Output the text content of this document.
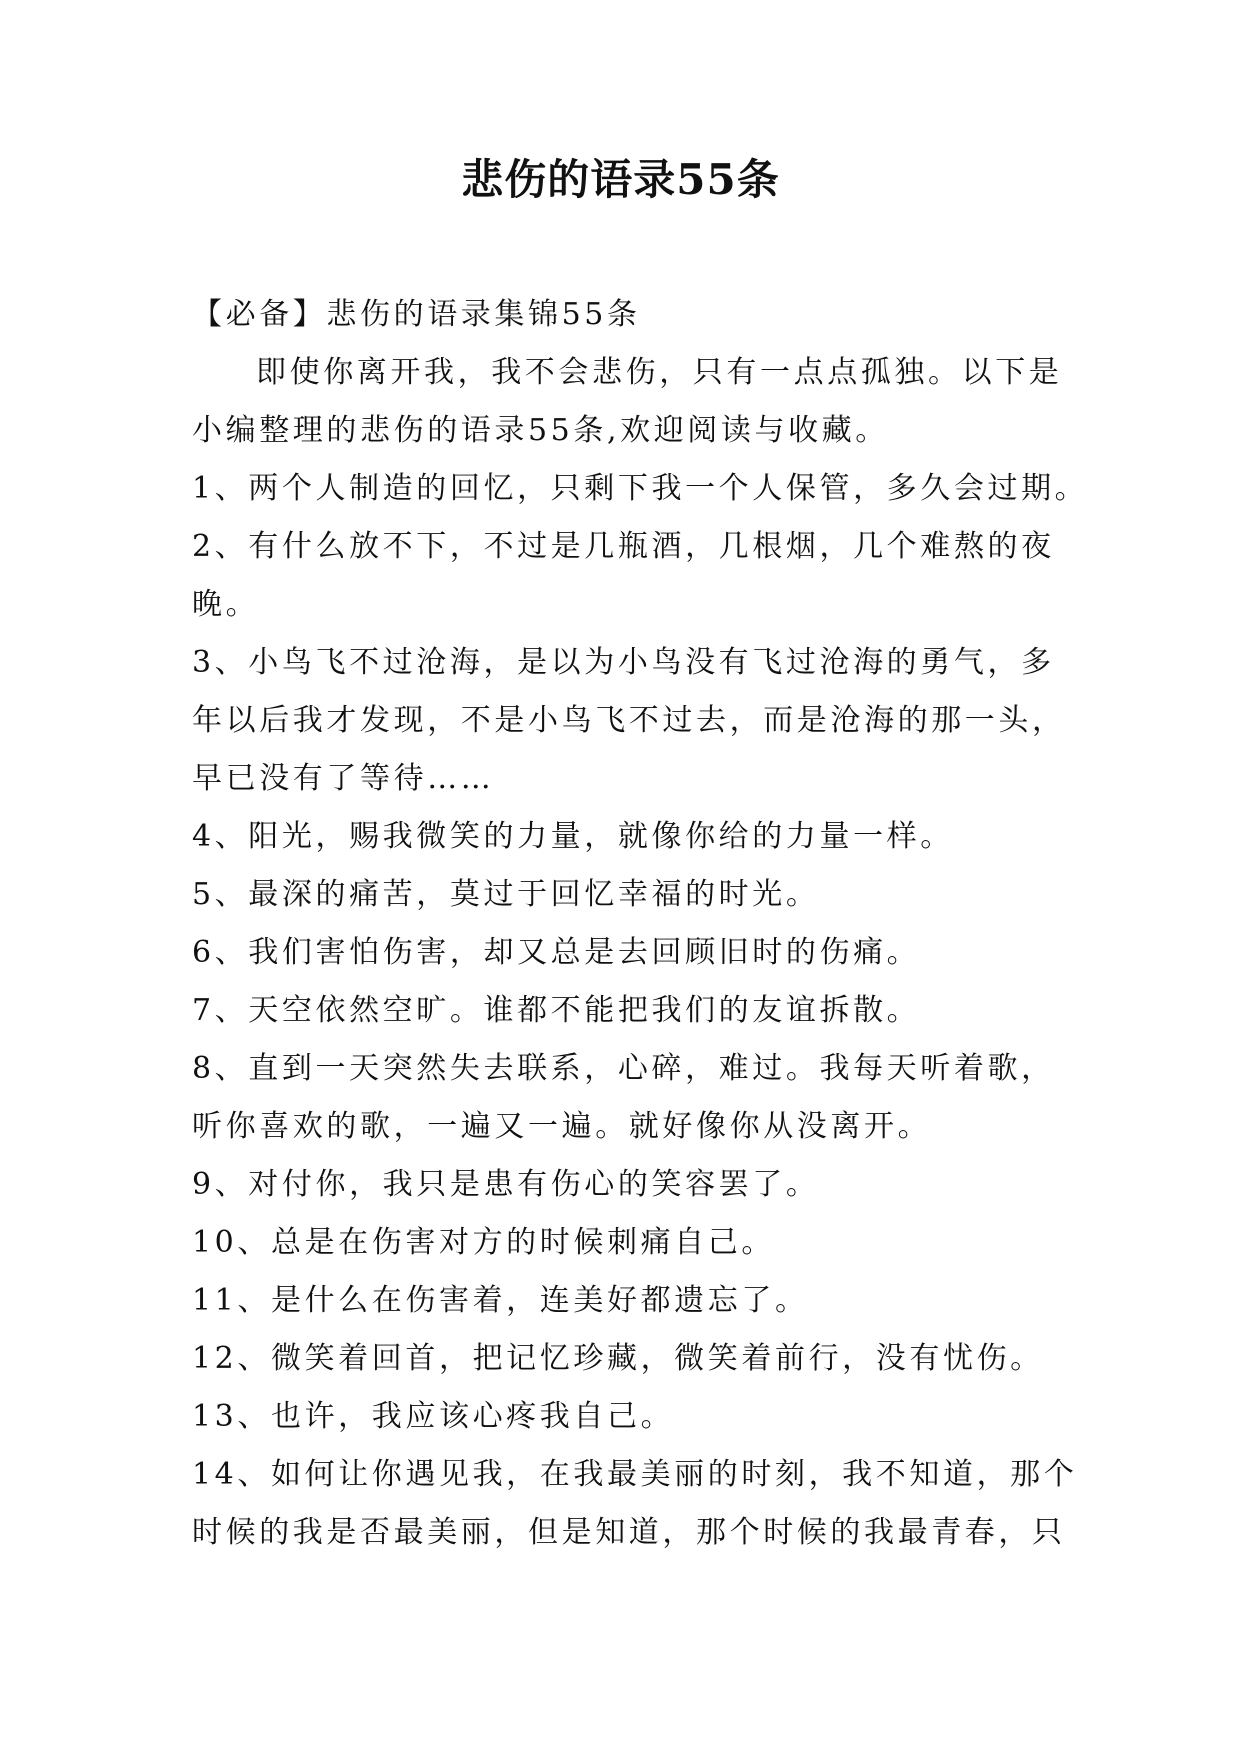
悲伤的语录55条

【必备】悲伤的语录集锦55条

即使你离开我，我不会悲伤，只有一点点孤独。以下是

小编整理的悲伤的语录55条,欢迎阅读与收藏。

1、两个人制造的回忆，只剩下我一个人保管，多久会过期。

2、有什么放不下，不过是几瓶酒，几根烟，几个难熬的夜

晚。

3、小鸟飞不过沧海，是以为小鸟没有飞过沧海的勇气，多

年以后我才发现，不是小鸟飞不过去，而是沧海的那一头，

早已没有了等待……

4、阳光，赐我微笑的力量，就像你给的力量一样。

5、最深的痛苦，莫过于回忆幸福的时光。

6、我们害怕伤害，却又总是去回顾旧时的伤痛。

7、天空依然空旷。谁都不能把我们的友谊拆散。

8、直到一天突然失去联系，心碎，难过。我每天听着歌，

听你喜欢的歌，一遍又一遍。就好像你从没离开。

9、对付你，我只是患有伤心的笑容罢了。

10、总是在伤害对方的时候刺痛自己。

11、是什么在伤害着，连美好都遗忘了。

12、微笑着回首，把记忆珍藏，微笑着前行，没有忧伤。

13、也许，我应该心疼我自己。

14、如何让你遇见我，在我最美丽的时刻，我不知道，那个

时候的我是否最美丽，但是知道，那个时候的我最青春，只
